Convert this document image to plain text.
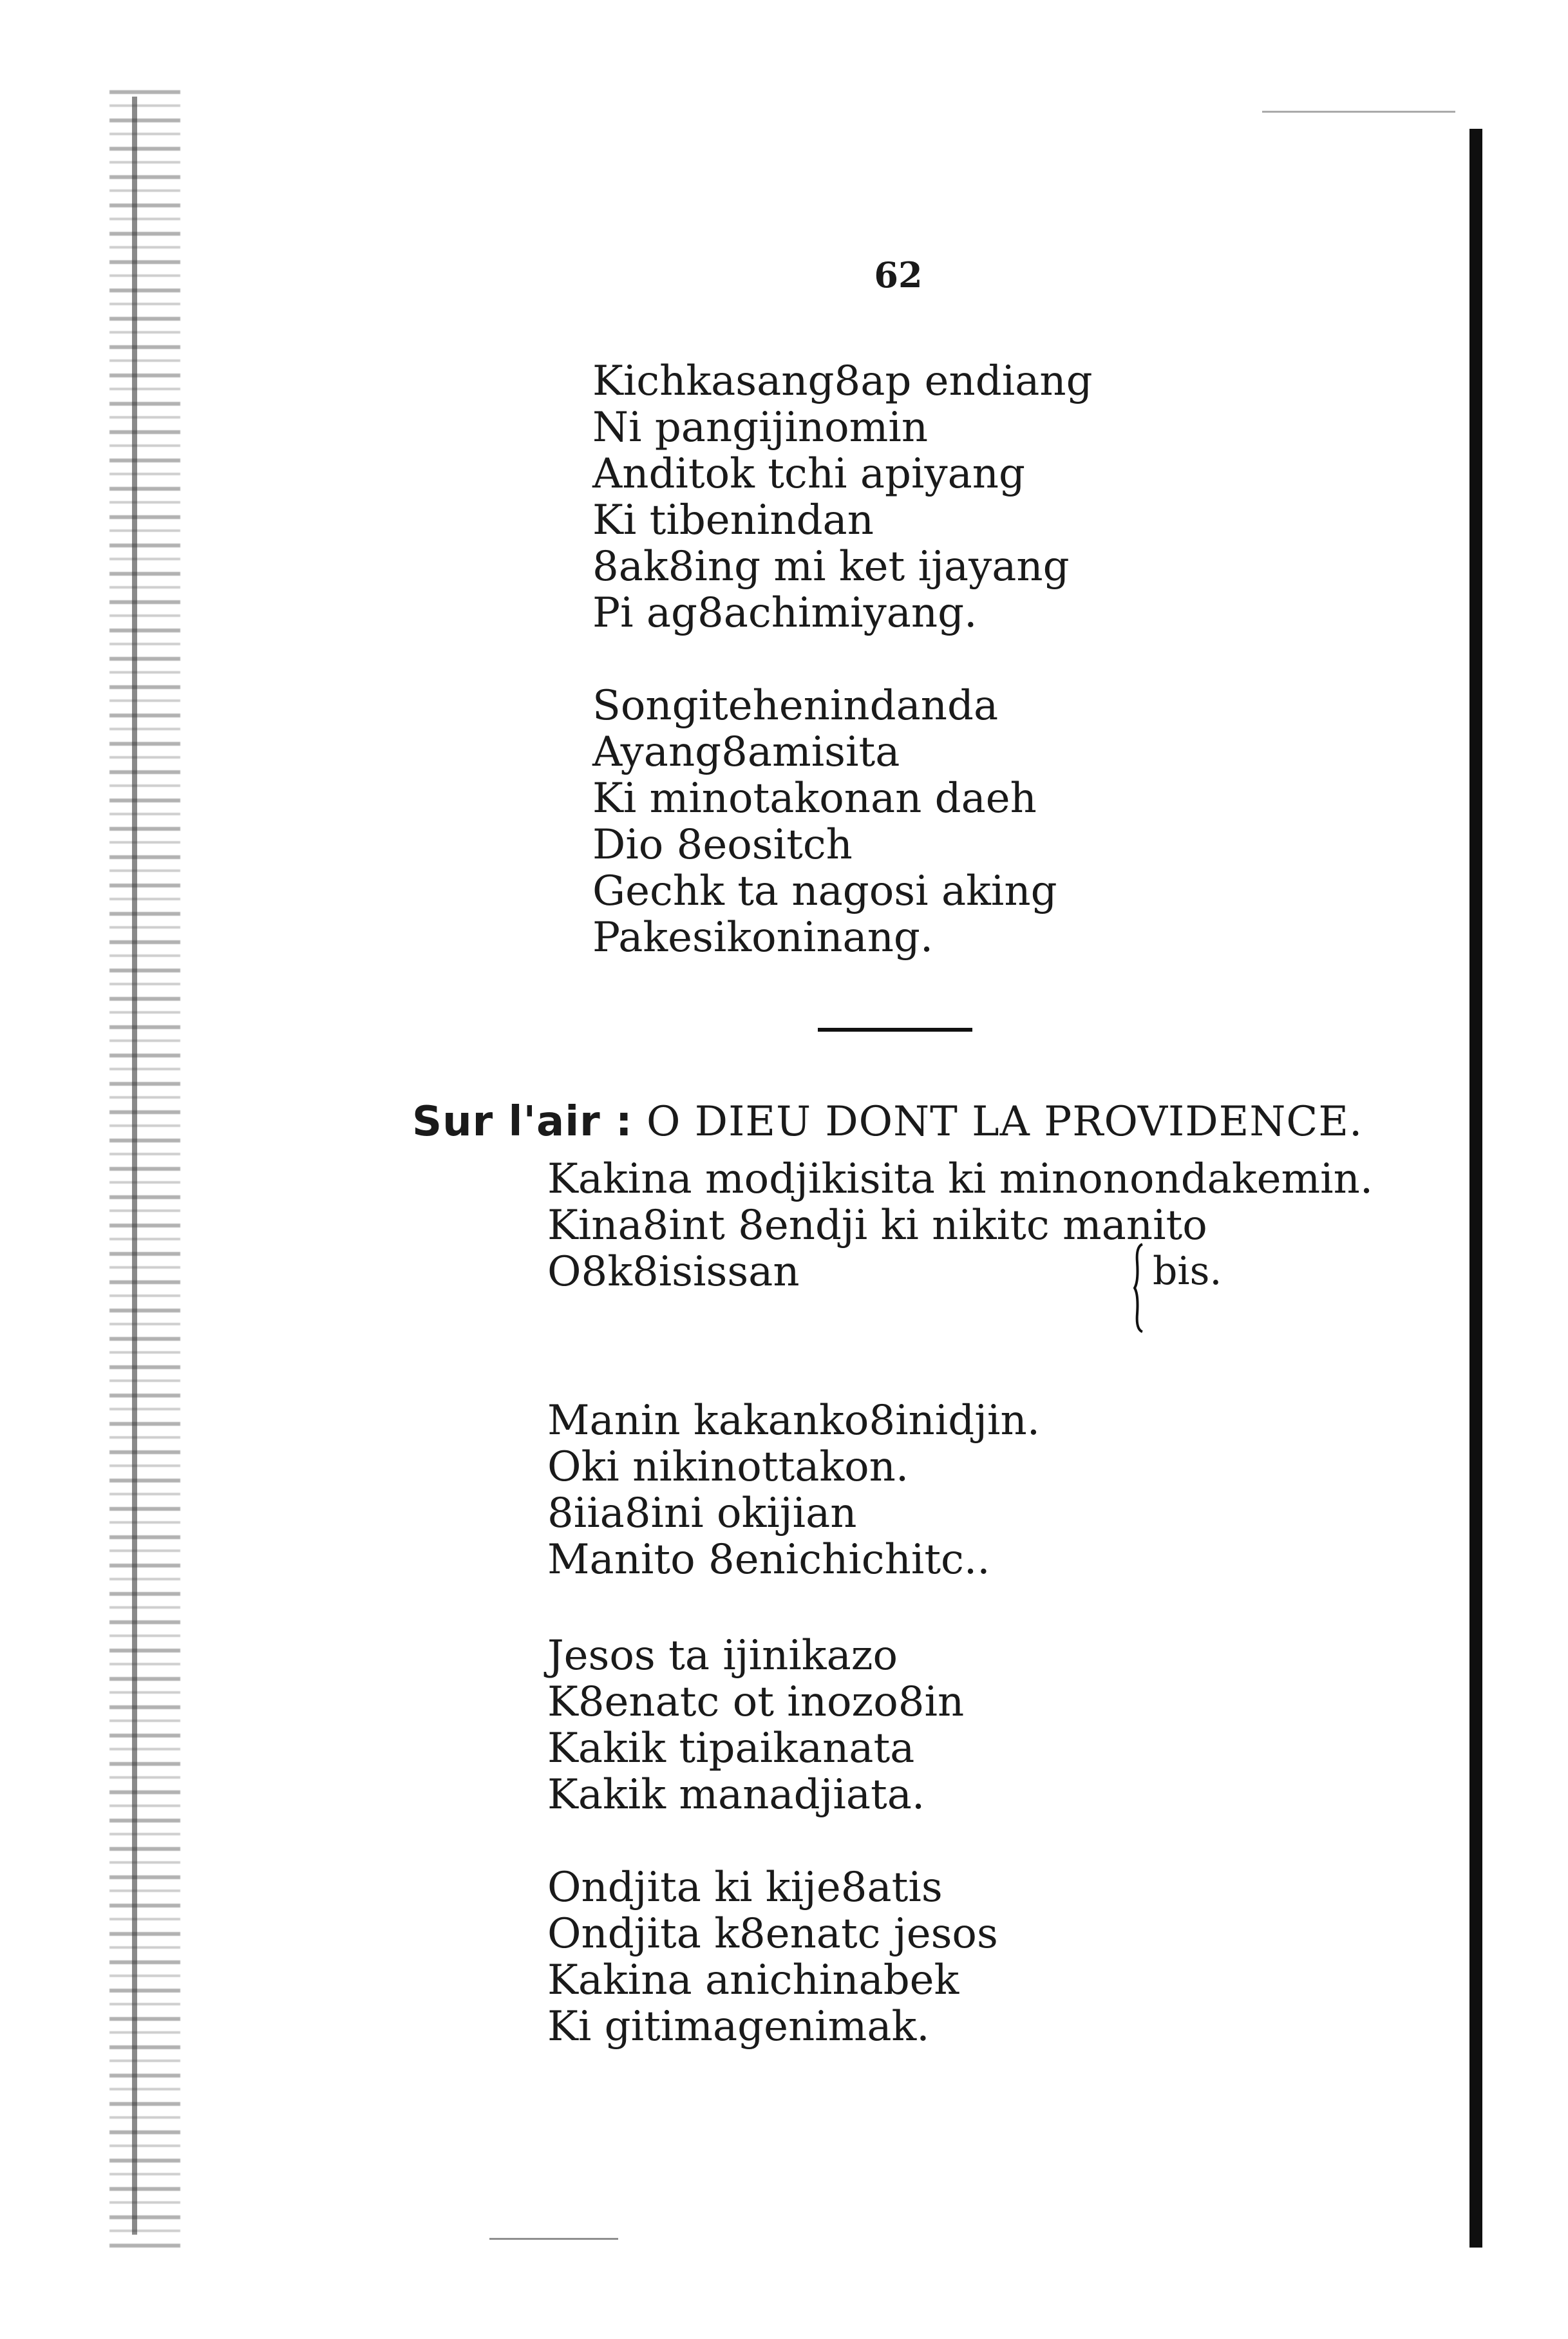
62

Kichkasang8ap endiang
Ni pangijinomin
Anditok tchi apiyang
Ki tibenindan
8ak8ing mi ket ijayang
Pi ag8achimiyang.

Songitehenindanda
Ayang8amisita
Ki minotakonan daeh
Dio 8eositch
Gechk ta nagosi aking
Pakesikoninang.

Sur l'air : O DIEU DONT LA PROVIDENCE.

Kakina modjikisita ki minonondakemin.
Kina8int 8endji ki nikitc manito
O8k8isissan	bis.

Manin kakanko8inidjin.
Oki nikinottakon.
8iia8ini okijian
Manito 8enichichitc..

Jesos ta ijinikazo
K8enatc ot inozo8in
Kakik tipaikanata
Kakik manadjiata.

Ondjita ki kije8atis
Ondjita k8enatc jesos
Kakina anichinabek
Ki gitimagenimak.
